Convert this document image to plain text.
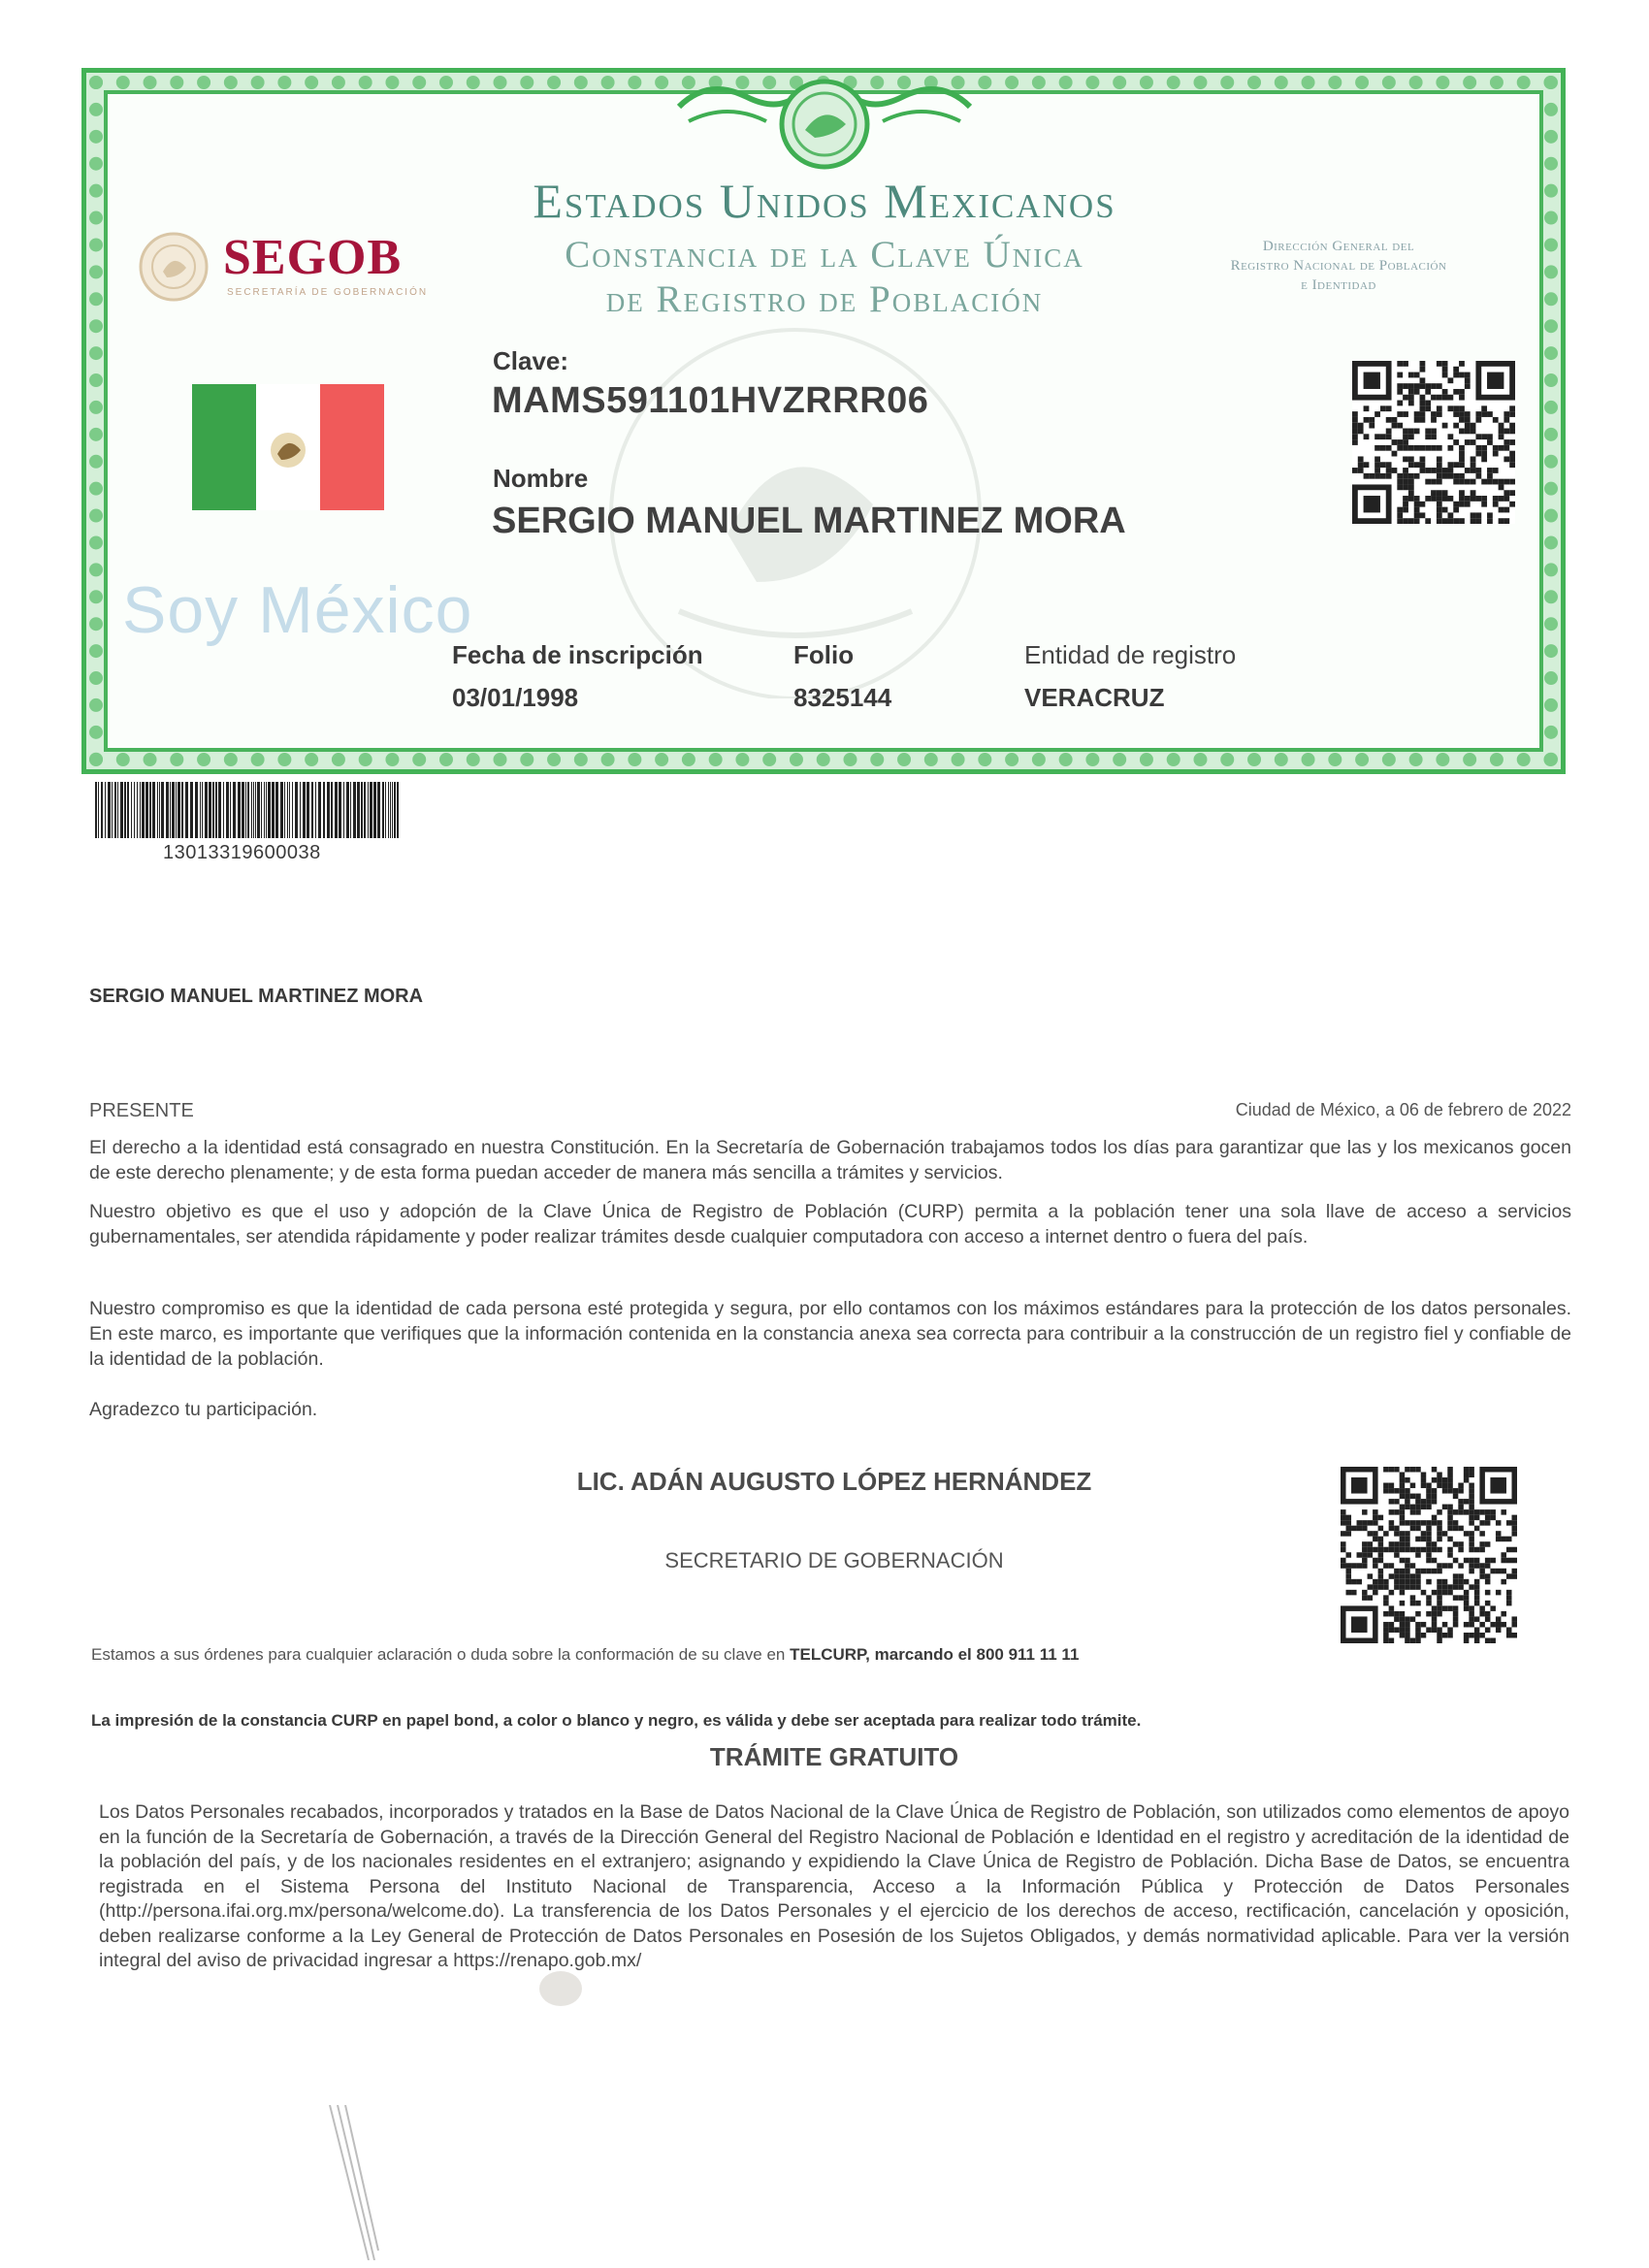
Estados Unidos Mexicanos
Constancia de la Clave Única
de Registro de Población
SEGOB
SECRETARÍA DE GOBERNACIÓN
Dirección General del
Registro Nacional de Población
e Identidad
Soy México
Clave:
MAMS591101HVZRRR06
Nombre
SERGIO MANUEL MARTINEZ MORA
Fecha de inscripción
03/01/1998
Folio
8325144
Entidad de registro
VERACRUZ
13013319600038
SERGIO MANUEL MARTINEZ MORA
PRESENTE	Ciudad de México, a 06 de febrero de 2022
El derecho a la identidad está consagrado en nuestra Constitución. En la Secretaría de Gobernación trabajamos todos los días para garantizar que las y los mexicanos gocen de este derecho plenamente; y de esta forma puedan acceder de manera más sencilla a trámites y servicios.
Nuestro objetivo es que el uso y adopción de la Clave Única de Registro de Población (CURP) permita a la población tener una sola llave de acceso a servicios gubernamentales, ser atendida rápidamente y poder realizar trámites desde cualquier computadora con acceso a internet dentro o fuera del país.
Nuestro compromiso es que la identidad de cada persona esté protegida y segura, por ello contamos con los máximos estándares para la protección de los datos personales. En este marco, es importante que verifiques que la información contenida en la constancia anexa sea correcta para contribuir a la construcción de un registro fiel y confiable de la identidad de la población.
Agradezco tu participación.
LIC. ADÁN AUGUSTO LÓPEZ HERNÁNDEZ
SECRETARIO DE GOBERNACIÓN
Estamos a sus órdenes para cualquier aclaración o duda sobre la conformación de su clave en TELCURP, marcando el 800 911 11 11
La impresión de la constancia CURP en papel bond, a color o blanco y negro, es válida y debe ser aceptada para realizar todo trámite.
TRÁMITE GRATUITO
Los Datos Personales recabados, incorporados y tratados en la Base de Datos Nacional de la Clave Única de Registro de Población, son utilizados como elementos de apoyo en la función de la Secretaría de Gobernación, a través de la Dirección General del Registro Nacional de Población e Identidad en el registro y acreditación de la identidad de la población del país, y de los nacionales residentes en el extranjero; asignando y expidiendo la Clave Única de Registro de Población. Dicha Base de Datos, se encuentra registrada en el Sistema Persona del Instituto Nacional de Transparencia, Acceso a la Información Pública y Protección de Datos Personales (http://persona.ifai.org.mx/persona/welcome.do). La transferencia de los Datos Personales y el ejercicio de los derechos de acceso, rectificación, cancelación y oposición, deben realizarse conforme a la Ley General de Protección de Datos Personales en Posesión de los Sujetos Obligados, y demás normatividad aplicable. Para ver la versión integral del aviso de privacidad ingresar a https://renapo.gob.mx/
